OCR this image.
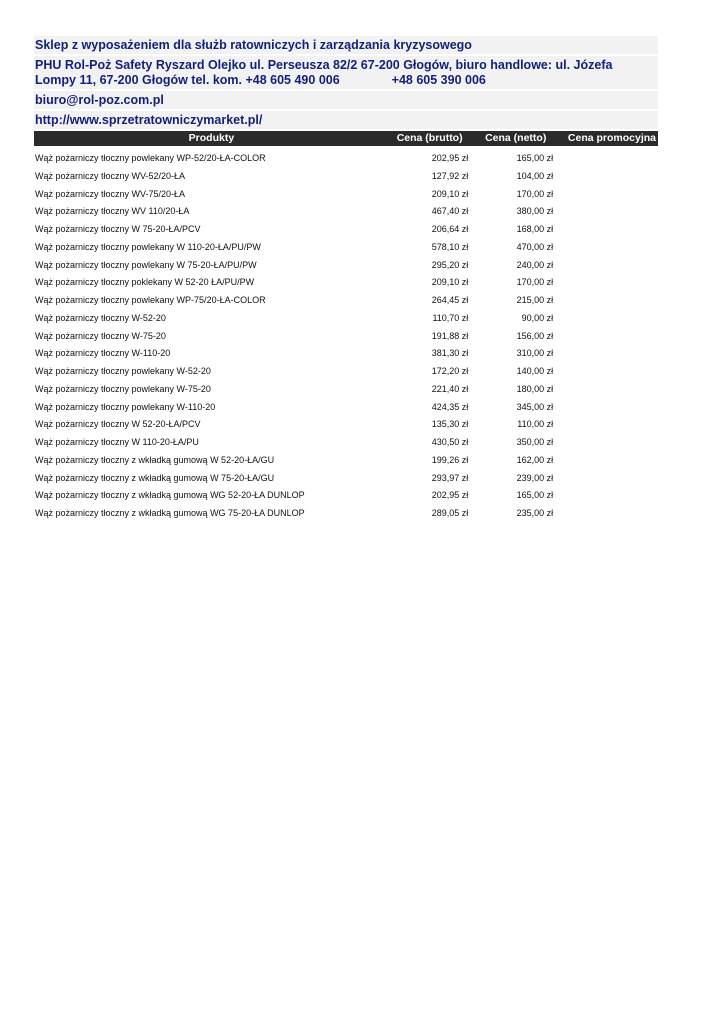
Sklep z wyposażeniem dla służb ratowniczych i zarządzania kryzysowego
PHU Rol-Poż Safety Ryszard Olejko ul. Perseusza 82/2 67-200 Głogów, biuro handlowe: ul. Józefa Lompy 11, 67-200 Głogów tel. kom. +48 605 490 006	+48 605 390 006
biuro@rol-poz.com.pl
http://www.sprzetratowniczymarket.pl/
Produkty	Cena (brutto)	Cena (netto)	Cena promocyjna
Wąż pożarniczy tłoczny powlekany WP-52/20-ŁA-COLOR	202,95 zł	165,00 zł
Wąż pożarniczy tłoczny WV-52/20-ŁA	127,92 zł	104,00 zł
Wąż pożarniczy tłoczny WV-75/20-ŁA	209,10 zł	170,00 zł
Wąż pożarniczy tłoczny WV 110/20-ŁA	467,40 zł	380,00 zł
Wąż pożarniczy tłoczny W 75-20-ŁA/PCV	206,64 zł	168,00 zł
Wąż pożarniczy tłoczny powlekany W 110-20-ŁA/PU/PW	578,10 zł	470,00 zł
Wąż pożarniczy tłoczny powlekany W 75-20-ŁA/PU/PW	295,20 zł	240,00 zł
Wąż pożarniczy tłoczny poklekany W 52-20 ŁA/PU/PW	209,10 zł	170,00 zł
Wąż pożarniczy tłoczny powlekany WP-75/20-ŁA-COLOR	264,45 zł	215,00 zł
Wąż pożarniczy tłoczny W-52-20	110,70 zł	90,00 zł
Wąż pożarniczy tłoczny W-75-20	191,88 zł	156,00 zł
Wąż pożarniczy tłoczny W-110-20	381,30 zł	310,00 zł
Wąż pożarniczy tłoczny powlekany W-52-20	172,20 zł	140,00 zł
Wąż pożarniczy tłoczny powlekany W-75-20	221,40 zł	180,00 zł
Wąż pożarniczy tłoczny powlekany W-110-20	424,35 zł	345,00 zł
Wąż pożarniczy tłoczny W 52-20-ŁA/PCV	135,30 zł	110,00 zł
Wąż pożarniczy tłoczny W 110-20-ŁA/PU	430,50 zł	350,00 zł
Wąż pożarniczy tłoczny z wkładką gumową W 52-20-ŁA/GU	199,26 zł	162,00 zł
Wąż pożarniczy tłoczny z wkładką gumową W 75-20-ŁA/GU	293,97 zł	239,00 zł
Wąż pożarniczy tłoczny z wkładką gumową WG 52-20-ŁA DUNLOP	202,95 zł	165,00 zł
Wąż pożarniczy tłoczny z wkładką gumową WG 75-20-ŁA DUNLOP	289,05 zł	235,00 zł
